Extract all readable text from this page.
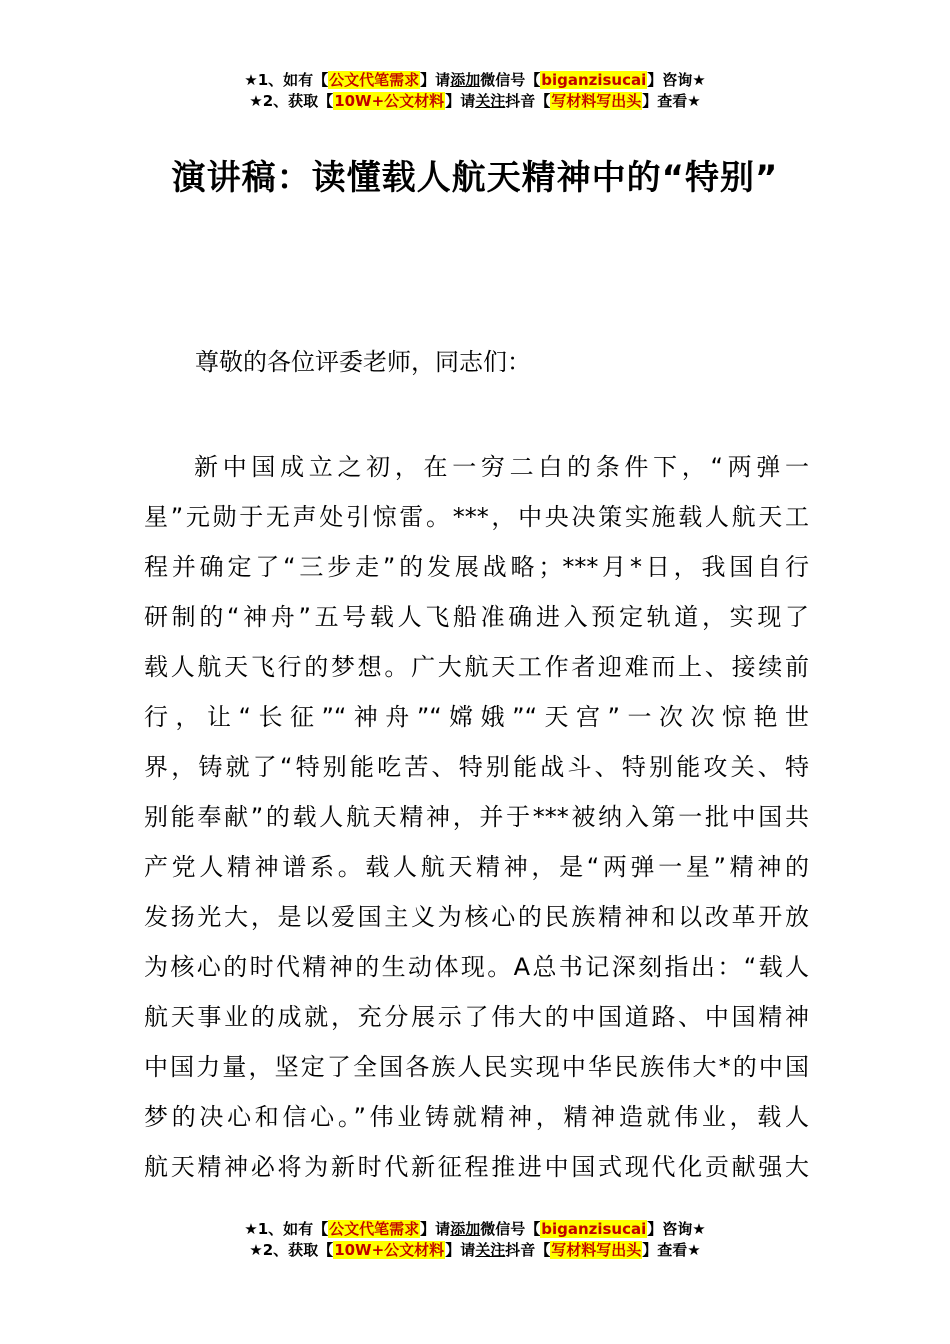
★1、如有【公文代笔需求】请添加微信号【biganzisucai】咨询★
★2、获取【10W+公文材料】请关注抖音【写材料写出头】查看★
演讲稿：读懂载人航天精神中的“特别”
尊敬的各位评委老师，同志们：
新中国成立之初，在一穷二白的条件下，“两弹一
星”元勋于无声处引惊雷。***，中央决策实施载人航天工
程并确定了“三步走”的发展战略；***月*日，我国自行
研制的“神舟”五号载人飞船准确进入预定轨道，实现了
载人航天飞行的梦想。广大航天工作者迎难而上、接续前
行，让“长征”“神舟”“嫦娥”“天宫”一次次惊艳世
界，铸就了“特别能吃苦、特别能战斗、特别能攻关、特
别能奉献”的载人航天精神，并于***被纳入第一批中国共
产党人精神谱系。载人航天精神，是“两弹一星”精神的
发扬光大，是以爱国主义为核心的民族精神和以改革开放
为核心的时代精神的生动体现。A总书记深刻指出：“载人
航天事业的成就，充分展示了伟大的中国道路、中国精神
中国力量，坚定了全国各族人民实现中华民族伟大*的中国
梦的决心和信心。”伟业铸就精神，精神造就伟业，载人
航天精神必将为新时代新征程推进中国式现代化贡献强大
★1、如有【公文代笔需求】请添加微信号【biganzisucai】咨询★
★2、获取【10W+公文材料】请关注抖音【写材料写出头】查看★
